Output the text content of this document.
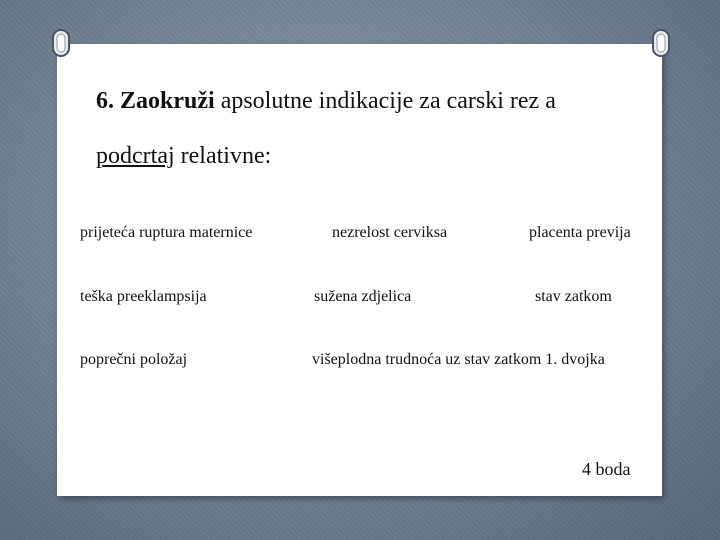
6. Zaokruži apsolutne indikacije za carski rez a
podcrtaj relativne:
prijeteća ruptura maternice	nezrelost cerviksa	placenta previja
teška preeklampsija	sužena zdjelica	stav zatkom
poprečni položaj	višeplodna trudnoća uz stav zatkom 1. dvojka
4 boda
